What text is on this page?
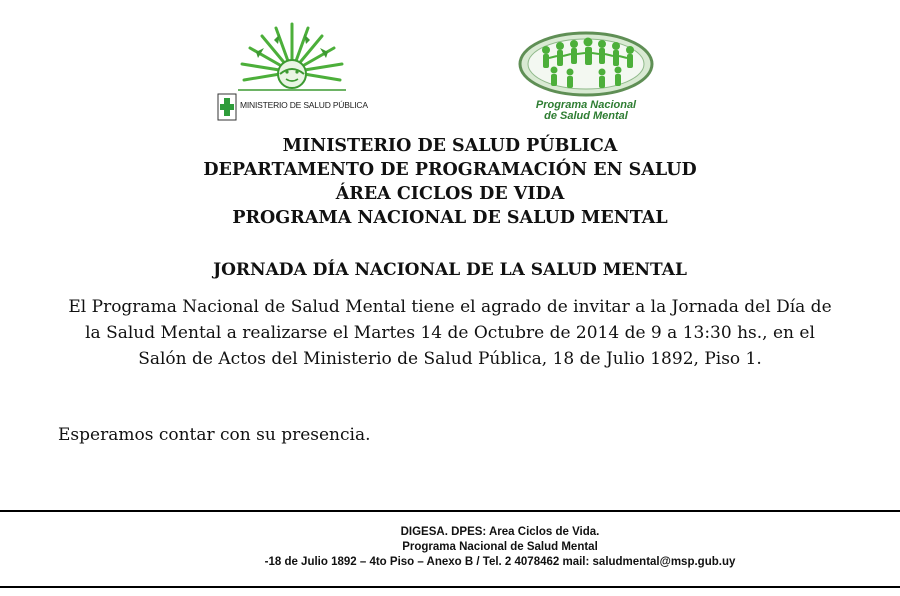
MINISTERIO DE SALUD PÚBLICA	Programa Nacional
de Salud Mental
MINISTERIO DE SALUD PÚBLICA
DEPARTAMENTO DE PROGRAMACIÓN EN SALUD
ÁREA CICLOS DE VIDA
PROGRAMA NACIONAL DE SALUD MENTAL
JORNADA DÍA NACIONAL DE LA SALUD MENTAL
El Programa Nacional de Salud Mental tiene el agrado de invitar a la Jornada del Día de
la Salud Mental a realizarse el Martes 14 de Octubre de 2014 de 9 a 13:30 hs., en el
Salón de Actos del Ministerio de Salud Pública, 18 de Julio 1892, Piso 1.
Esperamos contar con su presencia.
DIGESA. DPES: Area Ciclos de Vida.
Programa Nacional de Salud Mental
-18 de Julio 1892 – 4to Piso – Anexo B / Tel. 2 4078462 mail: saludmental@msp.gub.uy
